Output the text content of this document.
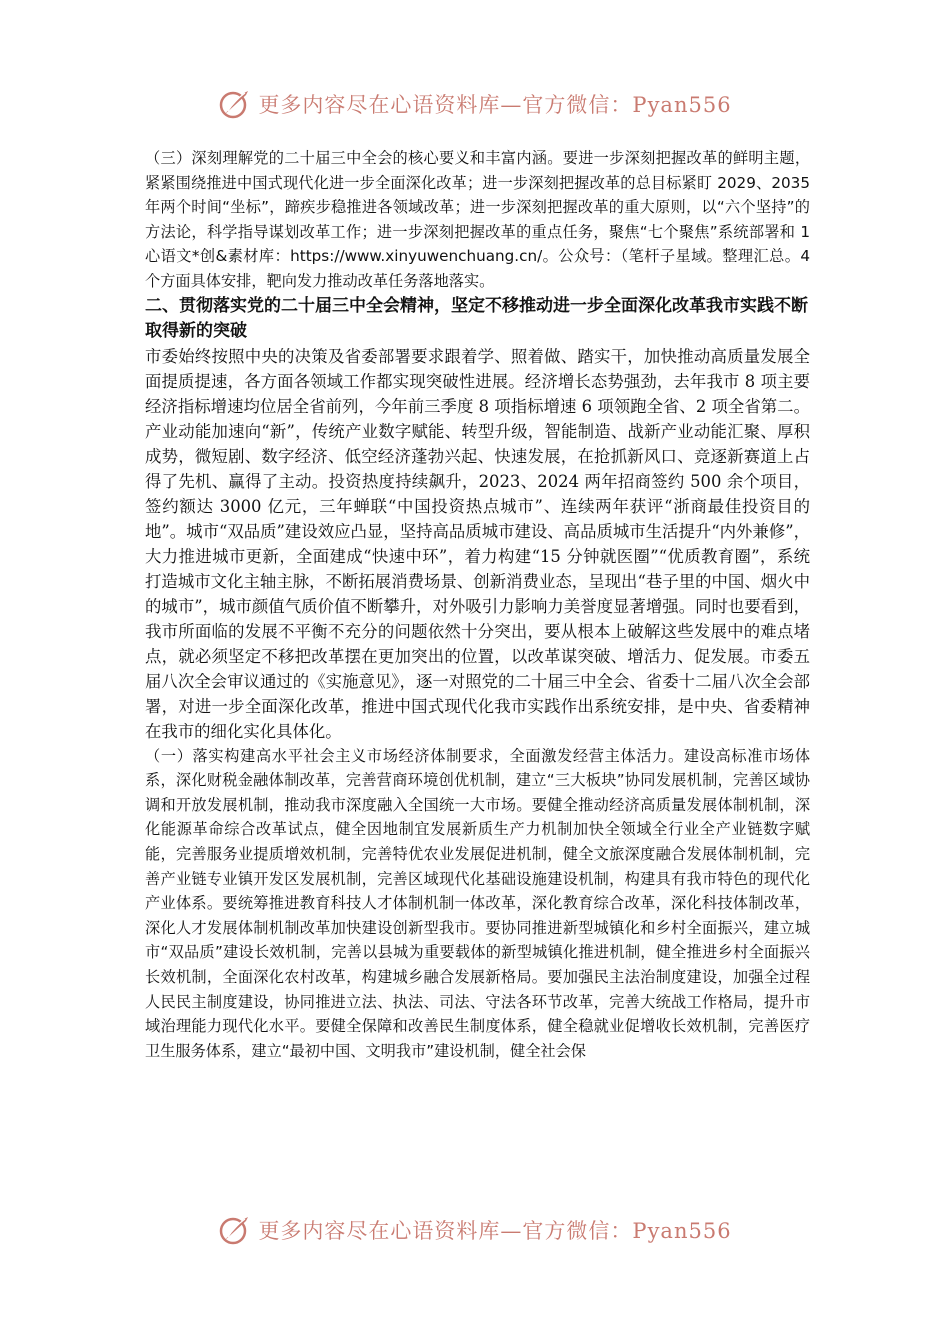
更多内容尽在心语资料库—官方微信：Pyan556

（三）深刻理解党的二十届三中全会的核心要义和丰富内涵。要进一步深刻把握改革的鲜明主题，紧紧围绕推进中国式现代化进一步全面深化改革；进一步深刻把握改革的总目标紧盯 2029、2035 年两个时间“坐标”，蹄疾步稳推进各领域改革；进一步深刻把握改革的重大原则，以“六个坚持”的方法论，科学指导谋划改革工作；进一步深刻把握改革的重点任务，聚焦“七个聚焦”系统部署和 1 心语文*创&素材库：https://www.xinyuwenchuang.cn/。公众号：（笔杆子星域。整理汇总。4 个方面具体安排，靶向发力推动改革任务落地落实。

二、贯彻落实党的二十届三中全会精神，坚定不移推动进一步全面深化改革我市实践不断取得新的突破

市委始终按照中央的决策及省委部署要求跟着学、照着做、踏实干，加快推动高质量发展全面提质提速，各方面各领域工作都实现突破性进展。经济增长态势强劲，去年我市 8 项主要经济指标增速均位居全省前列，今年前三季度 8 项指标增速 6 项领跑全省、2 项全省第二。产业动能加速向“新”，传统产业数字赋能、转型升级，智能制造、战新产业动能汇聚、厚积成势，微短剧、数字经济、低空经济蓬勃兴起、快速发展，在抢抓新风口、竞逐新赛道上占得了先机、赢得了主动。投资热度持续飙升，2023、2024 两年招商签约 500 余个项目，签约额达 3000 亿元，三年蝉联“中国投资热点城市”、连续两年获评“浙商最佳投资目的地”。城市“双品质”建设效应凸显，坚持高品质城市建设、高品质城市生活提升“内外兼修”，大力推进城市更新，全面建成“快速中环”，着力构建“15 分钟就医圈”“优质教育圈”，系统打造城市文化主轴主脉，不断拓展消费场景、创新消费业态，呈现出“巷子里的中国、烟火中的城市”，城市颜值气质价值不断攀升，对外吸引力影响力美誉度显著增强。同时也要看到，我市所面临的发展不平衡不充分的问题依然十分突出，要从根本上破解这些发展中的难点堵点，就必须坚定不移把改革摆在更加突出的位置，以改革谋突破、增活力、促发展。市委五届八次全会审议通过的《实施意见》，逐一对照党的二十届三中全会、省委十二届八次全会部署，对进一步全面深化改革，推进中国式现代化我市实践作出系统安排，是中央、省委精神在我市的细化实化具体化。

（一）落实构建高水平社会主义市场经济体制要求，全面激发经营主体活力。建设高标准市场体系，深化财税金融体制改革，完善营商环境创优机制，建立“三大板块”协同发展机制，完善区域协调和开放发展机制，推动我市深度融入全国统一大市场。要健全推动经济高质量发展体制机制，深化能源革命综合改革试点，健全因地制宜发展新质生产力机制加快全领域全行业全产业链数字赋能，完善服务业提质增效机制，完善特优农业发展促进机制，健全文旅深度融合发展体制机制，完善产业链专业镇开发区发展机制，完善区域现代化基础设施建设机制，构建具有我市特色的现代化产业体系。要统筹推进教育科技人才体制机制一体改革，深化教育综合改革，深化科技体制改革，深化人才发展体制机制改革加快建设创新型我市。要协同推进新型城镇化和乡村全面振兴，建立城市“双品质”建设长效机制，完善以县城为重要载体的新型城镇化推进机制，健全推进乡村全面振兴长效机制，全面深化农村改革，构建城乡融合发展新格局。要加强民主法治制度建设，加强全过程人民民主制度建设，协同推进立法、执法、司法、守法各环节改革，完善大统战工作格局，提升市域治理能力现代化水平。要健全保障和改善民生制度体系，健全稳就业促增收长效机制，完善医疗卫生服务体系，建立“最初中国、文明我市”建设机制，健全社会保

更多内容尽在心语资料库—官方微信：Pyan556
